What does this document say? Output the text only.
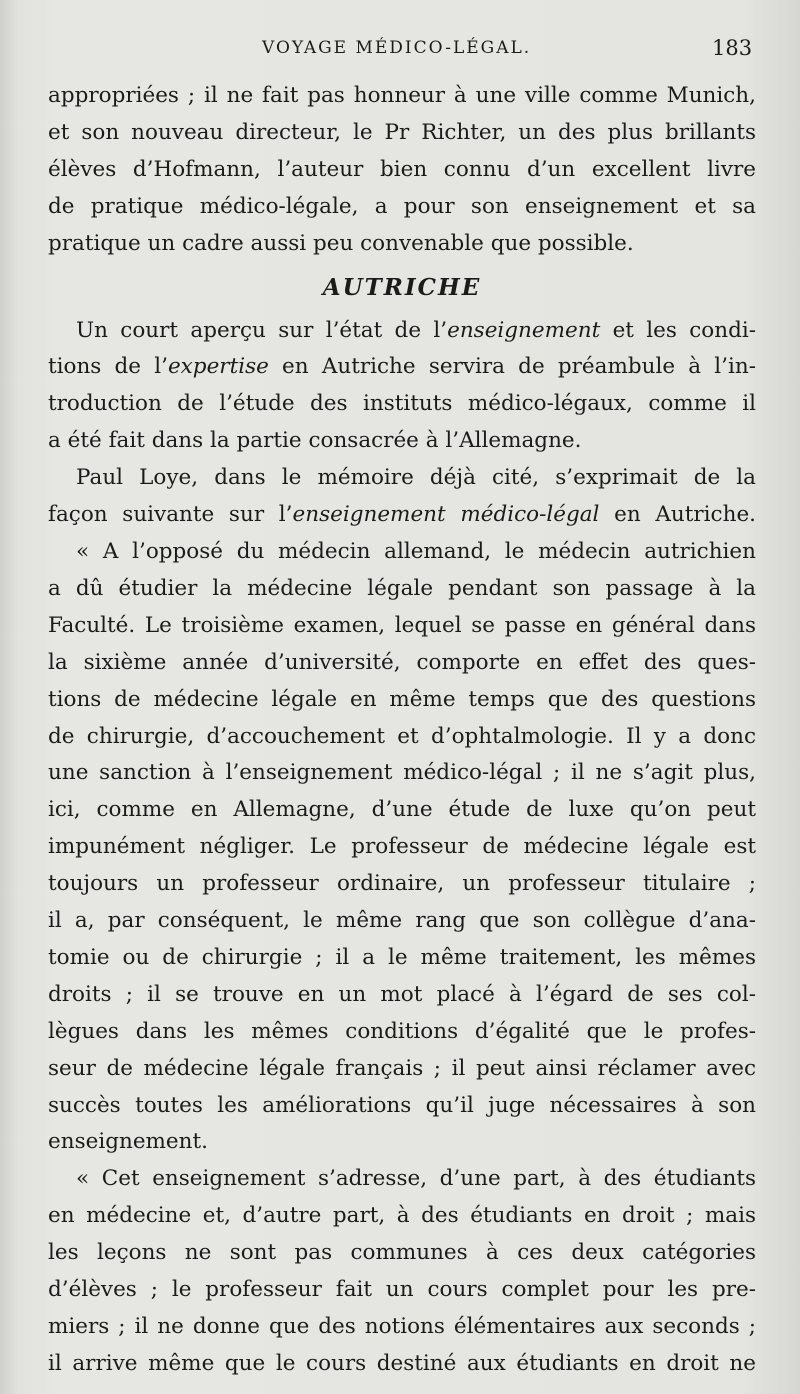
VOYAGE MÉDICO-LÉGAL.	183
appropriées ; il ne fait pas honneur à une ville comme Munich,
et son nouveau directeur, le Pr Richter, un des plus brillants
élèves d’Hofmann, l’auteur bien connu d’un excellent livre
de pratique médico-légale, a pour son enseignement et sa
pratique un cadre aussi peu convenable que possible.
AUTRICHE
Un court aperçu sur l’état de l’enseignement et les condi-
tions de l’expertise en Autriche servira de préambule à l’in-
troduction de l’étude des instituts médico-légaux, comme il
a été fait dans la partie consacrée à l’Allemagne.
Paul Loye, dans le mémoire déjà cité, s’exprimait de la
façon suivante sur l’enseignement médico-légal en Autriche.
« A l’opposé du médecin allemand, le médecin autrichien
a dû étudier la médecine légale pendant son passage à la
Faculté. Le troisième examen, lequel se passe en général dans
la sixième année d’université, comporte en effet des ques-
tions de médecine légale en même temps que des questions
de chirurgie, d’accouchement et d’ophtalmologie. Il y a donc
une sanction à l’enseignement médico-légal ; il ne s’agit plus,
ici, comme en Allemagne, d’une étude de luxe qu’on peut
impunément négliger. Le professeur de médecine légale est
toujours un professeur ordinaire, un professeur titulaire ;
il a, par conséquent, le même rang que son collègue d’ana-
tomie ou de chirurgie ; il a le même traitement, les mêmes
droits ; il se trouve en un mot placé à l’égard de ses col-
lègues dans les mêmes conditions d’égalité que le profes-
seur de médecine légale français ; il peut ainsi réclamer avec
succès toutes les améliorations qu’il juge nécessaires à son
enseignement.
« Cet enseignement s’adresse, d’une part, à des étudiants
en médecine et, d’autre part, à des étudiants en droit ; mais
les leçons ne sont pas communes à ces deux catégories
d’élèves ; le professeur fait un cours complet pour les pre-
miers ; il ne donne que des notions élémentaires aux seconds ;
il arrive même que le cours destiné aux étudiants en droit ne
